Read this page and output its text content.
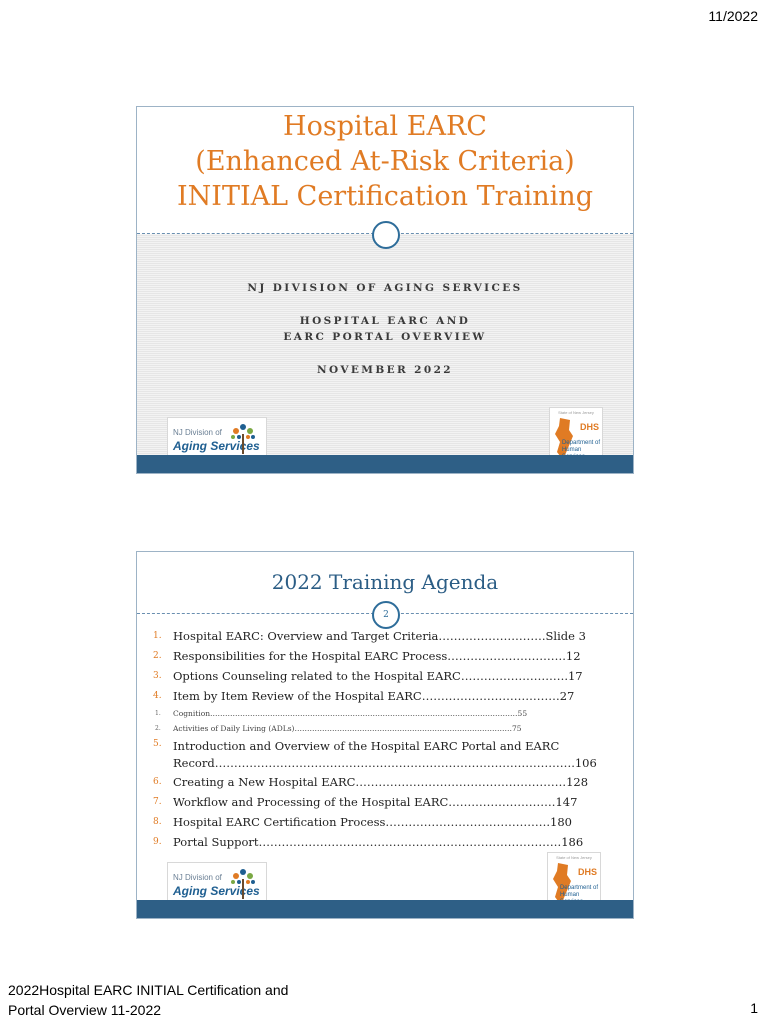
11/2022
Hospital EARC
(Enhanced At-Risk Criteria)
INITIAL Certification Training
NJ DIVISION OF AGING SERVICES
HOSPITAL EARC AND
EARC PORTAL OVERVIEW
NOVEMBER 2022
NJ Division of
Aging Services
State of New Jersey
DHS
Department of
Human
2022 Training Agenda
2
1. Hospital EARC: Overview and Target Criteria……………………….Slide 3
2. Responsibilities for the Hospital EARC Process………………………….12
3. Options Counseling related to the Hospital EARC……………………….17
4. Item by Item Review of the Hospital EARC………………………………27
1. Cognition……………………………………………………………………………………………………………55
2. Activities of Daily Living (ADLs)……………………………………………………………………………75
5. Introduction and Overview of the Hospital EARC Portal and EARC
Record………………………………………………………………………………….106
6. Creating a New Hospital EARC……………………………………………….128
7. Workflow and Processing of the Hospital EARC……………………….147
8. Hospital EARC Certification Process…………………………………….180
9. Portal Support…………………………………………………………………….186
NJ Division of
Aging Services
State of New Jersey
DHS
Department of
Human
2022Hospital EARC INITIAL Certification and
Portal Overview 11-2022	1
